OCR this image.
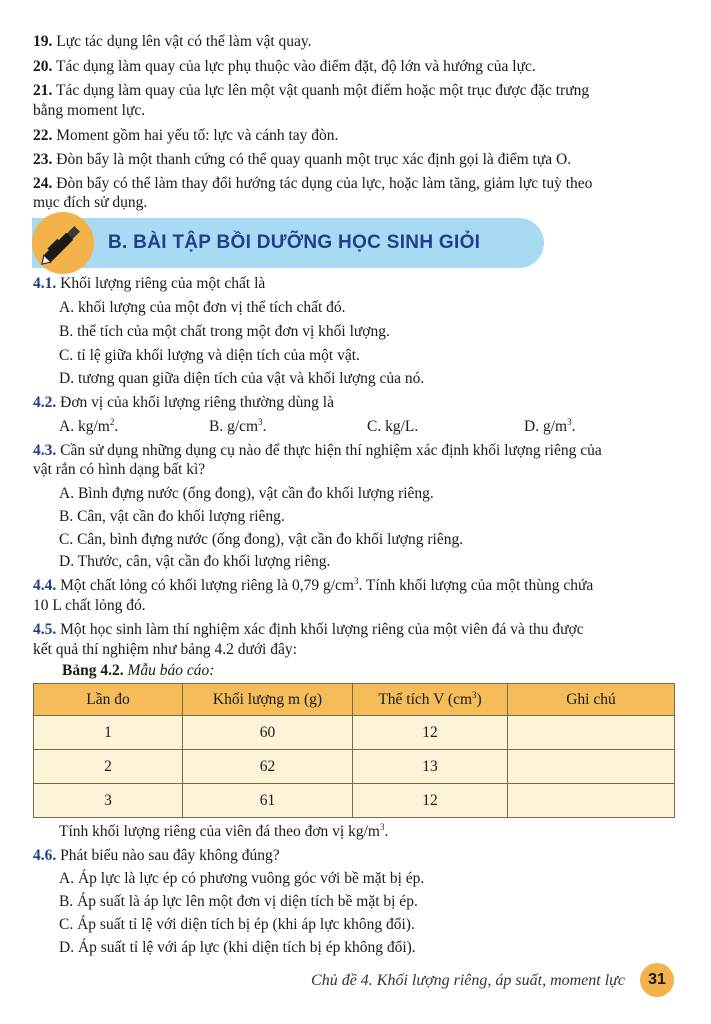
19. Lực tác dụng lên vật có thể làm vật quay.
20. Tác dụng làm quay của lực phụ thuộc vào điểm đặt, độ lớn và hướng của lực.
21. Tác dụng làm quay của lực lên một vật quanh một điểm hoặc một trục được đặc trưng
bằng moment lực.
22. Moment gồm hai yếu tố: lực và cánh tay đòn.
23. Đòn bẩy là một thanh cứng có thể quay quanh một trục xác định gọi là điểm tựa O.
24. Đòn bẩy có thể làm thay đổi hướng tác dụng của lực, hoặc làm tăng, giảm lực tuỳ theo
mục đích sử dụng.
B. BÀI TẬP BỒI DƯỠNG HỌC SINH GIỎI
4.1. Khối lượng riêng của một chất là
A. khối lượng của một đơn vị thể tích chất đó.
B. thể tích của một chất trong một đơn vị khối lượng.
C. tỉ lệ giữa khối lượng và diện tích của một vật.
D. tương quan giữa diện tích của vật và khối lượng của nó.
4.2. Đơn vị của khối lượng riêng thường dùng là
A. $kg/m^2$.	B. $g/cm^3$.	C. kg/L.	D. $g/m^3$.
4.3. Cần sử dụng những dụng cụ nào để thực hiện thí nghiệm xác định khối lượng riêng của
vật rắn có hình dạng bất kì?
A. Bình đựng nước (ống đong), vật cần đo khối lượng riêng.
B. Cân, vật cần đo khối lượng riêng.
C. Cân, bình đựng nước (ống đong), vật cần đo khối lượng riêng.
D. Thước, cân, vật cần đo khối lượng riêng.
4.4. Một chất lỏng có khối lượng riêng là 0,79 $g/cm^3$. Tính khối lượng của một thùng chứa
10 L chất lỏng đó.
4.5. Một học sinh làm thí nghiệm xác định khối lượng riêng của một viên đá và thu được
kết quả thí nghiệm như bảng 4.2 dưới đây:
Bảng 4.2. Mẫu báo cáo:
Lần đo	Khối lượng m (g)	Thể tích V $(cm^3)$	Ghi chú
1	60	12	
2	62	13	
3	61	12	
Tính khối lượng riêng của viên đá theo đơn vị $kg/m^3$.
4.6. Phát biểu nào sau đây không đúng?
A. Áp lực là lực ép có phương vuông góc với bề mặt bị ép.
B. Áp suất là áp lực lên một đơn vị diện tích bề mặt bị ép.
C. Áp suất tỉ lệ với diện tích bị ép (khi áp lực không đổi).
D. Áp suất tỉ lệ với áp lực (khi diện tích bị ép không đổi).
Chủ đề 4. Khối lượng riêng, áp suất, moment lực	31
